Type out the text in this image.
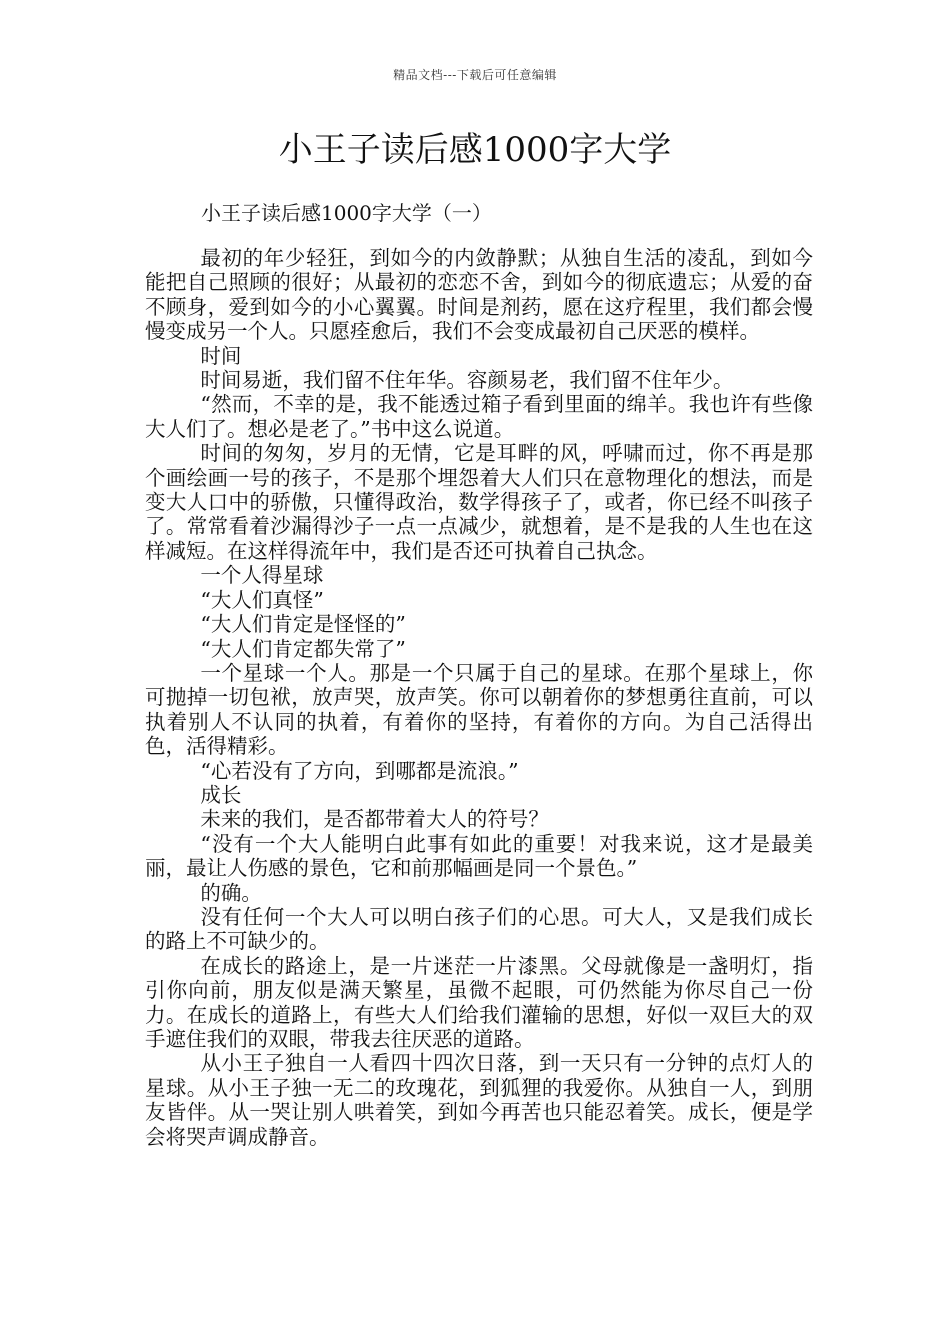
精品文档---下载后可任意编辑
小王子读后感1000字大学
小王子读后感1000字大学（一）

最初的年少轻狂，到如今的内敛静默；从独自生活的凌乱，到如今能把自己照顾的很好；从最初的恋恋不舍，到如今的彻底遗忘；从爱的奋不顾身，爱到如今的小心翼翼。时间是剂药，愿在这疗程里，我们都会慢慢变成另一个人。只愿痊愈后，我们不会变成最初自己厌恶的模样。

时间

时间易逝，我们留不住年华。容颜易老，我们留不住年少。

“然而，不幸的是，我不能透过箱子看到里面的绵羊。我也许有些像大人们了。想必是老了。”书中这么说道。

时间的匆匆，岁月的无情，它是耳畔的风，呼啸而过，你不再是那个画绘画一号的孩子，不是那个埋怨着大人们只在意物理化的想法，而是变大人口中的骄傲，只懂得政治，数学得孩子了，或者，你已经不叫孩子了。常常看着沙漏得沙子一点一点减少，就想着，是不是我的人生也在这样减短。在这样得流年中，我们是否还可执着自己执念。

一个人得星球

“大人们真怪”

“大人们肯定是怪怪的”

“大人们肯定都失常了”

一个星球一个人。那是一个只属于自己的星球。在那个星球上，你可抛掉一切包袱，放声哭，放声笑。你可以朝着你的梦想勇往直前，可以执着别人不认同的执着，有着你的坚持，有着你的方向。为自己活得出色，活得精彩。

“心若没有了方向，到哪都是流浪。”

成长

未来的我们，是否都带着大人的符号？

“没有一个大人能明白此事有如此的重要！对我来说，这才是最美丽，最让人伤感的景色，它和前那幅画是同一个景色。”

的确。

没有任何一个大人可以明白孩子们的心思。可大人，又是我们成长的路上不可缺少的。

在成长的路途上，是一片迷茫一片漆黑。父母就像是一盏明灯，指引你向前，朋友似是满天繁星，虽微不起眼，可仍然能为你尽自己一份力。在成长的道路上，有些大人们给我们灌输的思想，好似一双巨大的双手遮住我们的双眼，带我去往厌恶的道路。

从小王子独自一人看四十四次日落，到一天只有一分钟的点灯人的星球。从小王子独一无二的玫瑰花，到狐狸的我爱你。从独自一人，到朋友皆伴。从一哭让别人哄着笑，到如今再苦也只能忍着笑。成长，便是学会将哭声调成静音。
